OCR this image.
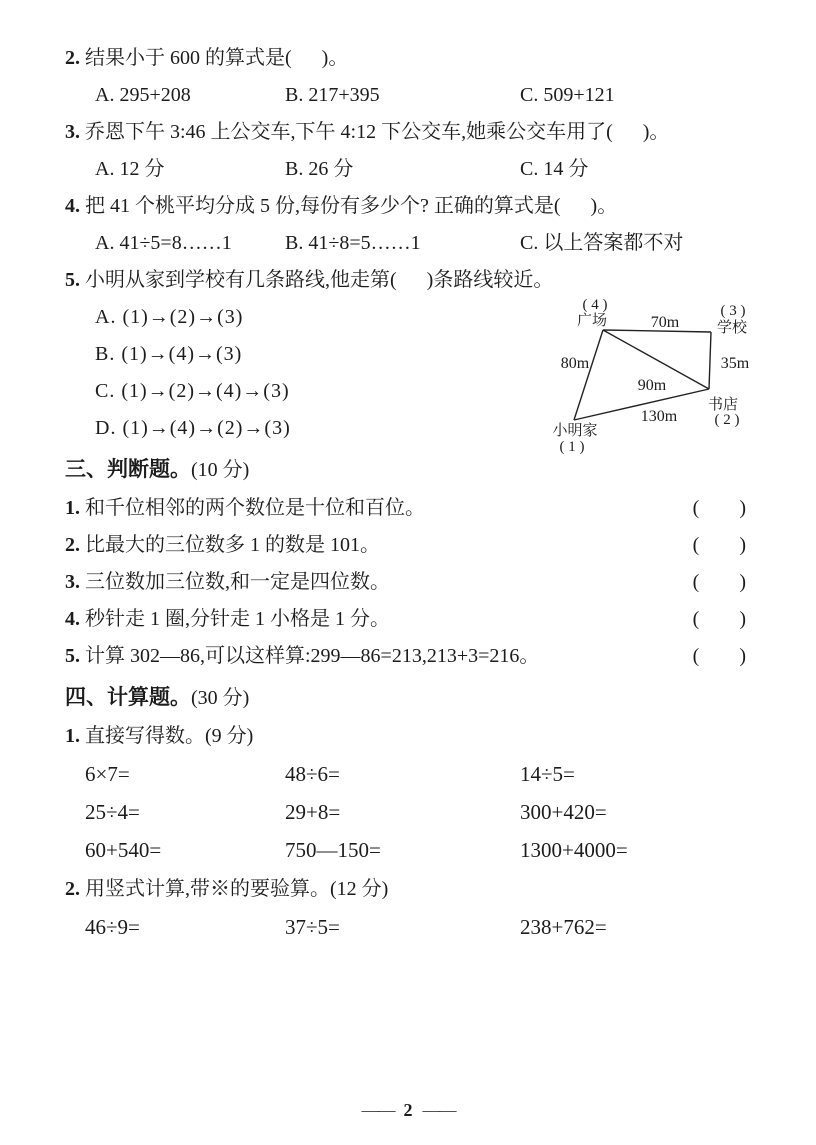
2. 结果小于 600 的算式是(      )。
A. 295+208	B. 217+395	C. 509+121
3. 乔恩下午 3:46 上公交车,下午 4:12 下公交车,她乘公交车用了(      )。
A. 12 分	B. 26 分	C. 14 分
4. 把 41 个桃平均分成 5 份,每份有多少个? 正确的算式是(      )。
A. 41÷5=8……1	B. 41÷8=5……1	C. 以上答案都不对
5. 小明从家到学校有几条路线,他走第(      )条路线较近。
A. (1)→(2)→(3)
B. (1)→(4)→(3)
C. (1)→(2)→(4)→(3)
D. (1)→(4)→(2)→(3)
( 4 )
广场	70m
( 3 )
学校
80m	35m
90m
书店
( 2 )
130m
小明家
( 1 )
三、判断题。(10 分)
1. 和千位相邻的两个数位是十位和百位。	(        )
2. 比最大的三位数多 1 的数是 101。	(        )
3. 三位数加三位数,和一定是四位数。	(        )
4. 秒针走 1 圈,分针走 1 小格是 1 分。	(        )
5. 计算 302—86,可以这样算:299—86=213,213+3=216。	(        )
四、计算题。(30 分)
1. 直接写得数。(9 分)
6×7=	48÷6=	14÷5=
25÷4=	29+8=	300+420=
60+540=	750—150=	1300+4000=
2. 用竖式计算,带※的要验算。(12 分)
46÷9=	37÷5=	238+762=
—— 2 ——
